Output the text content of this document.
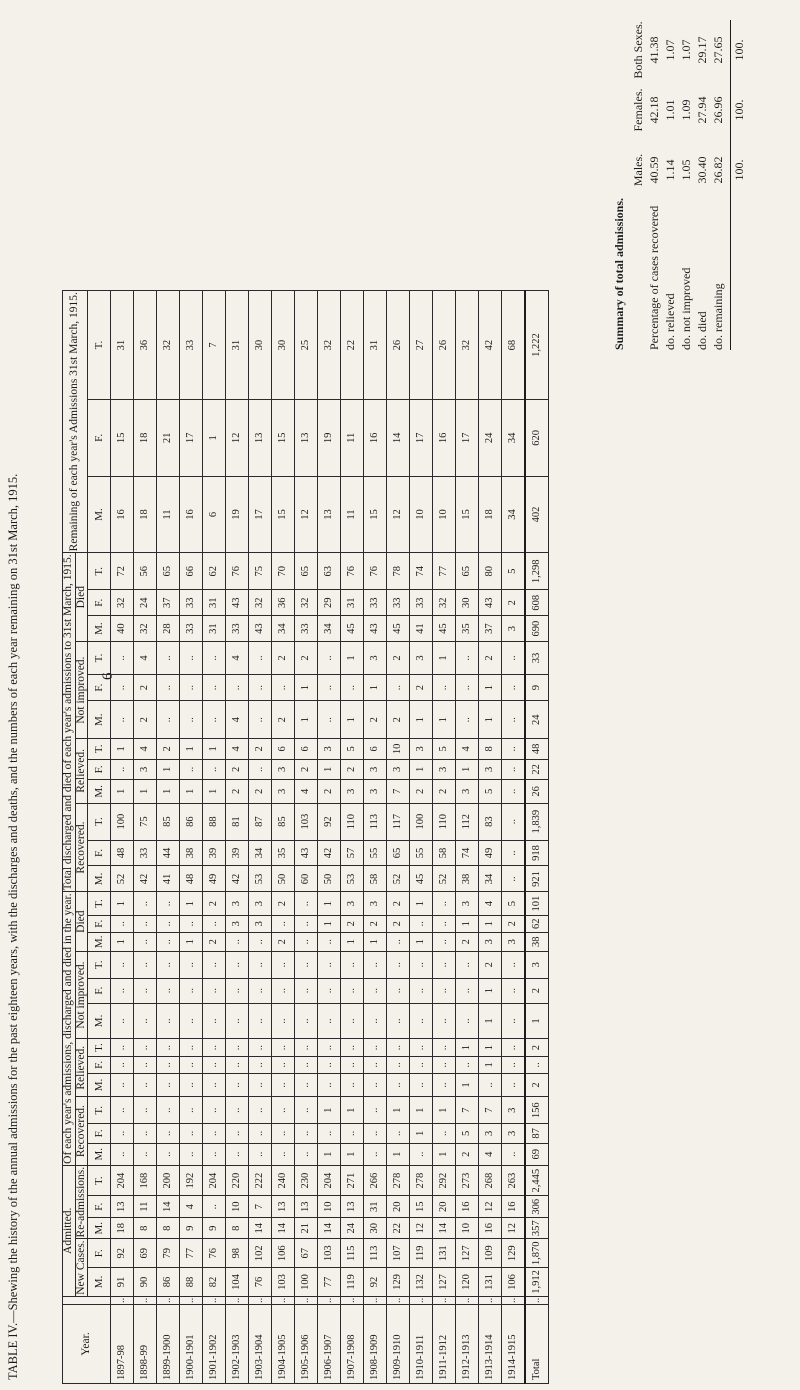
TABLE IV.—Shewing the history of the annual admissions for the past eighteen years, with the discharges and deaths, and the numbers of each year remaining on 31st March, 1915.	6
Year.		Admitted.					Of each year's admissions, discharged and died in the year.												Total discharged and died of each year's admissions to 31st March, 1915.												Remaining of each year's Admissions 31st March, 1915.		
		New Cases.		Re-admissions.			Recovered.			Relieved.			Not improved.			Died			Recovered.			Relieved.			Not improved.			Died					
		M.	F.	M.	F.	T.	M.	F.	T.	M.	F.	T.	M.	F.	T.	M.	F.	T.	M.	F.	T.	M.	F.	T.	M.	F.	T.	M.	F.	T.	M.	F.	T.
1897-98	..	91	92	18	13	204	..	..	..	..	..	..	..	..	..	1	..	1	52	48	100	1	..	1	..	..	..	40	32	72	16	15	31
1898-99	..	90	69	8	11	168	..	..	..	..	..	..	..	..	..	..	..	..	42	33	75	1	3	4	2	2	4	32	24	56	18	18	36
1899-1900	..	86	79	8	14	200	..	..	..	..	..	..	..	..	..	..	..	..	41	44	85	1	1	2	..	..	..	28	37	65	11	21	32
1900-1901	..	88	77	9	4	192	..	..	..	..	..	..	..	..	..	1	..	1	48	38	86	1	..	1	..	..	..	33	33	66	16	17	33
1901-1902	..	82	76	9	..	204	..	..	..	..	..	..	..	..	..	2	..	2	49	39	88	1	..	1	..	..	..	31	31	62	6	1	7
1902-1903	..	104	98	8	10	220	..	..	..	..	..	..	..	..	..	..	3	3	42	39	81	2	2	4	4	..	4	33	43	76	19	12	31
1903-1904	..	76	102	14	7	222	..	..	..	..	..	..	..	..	..	..	3	3	53	34	87	2	..	2	..	..	..	43	32	75	17	13	30
1904-1905	..	103	106	14	13	240	..	..	..	..	..	..	..	..	..	2	..	2	50	35	85	3	3	6	2	..	2	34	36	70	15	15	30
1905-1906	..	100	67	21	13	230	..	..	..	..	..	..	..	..	..	..	..	..	60	43	103	4	2	6	1	1	2	33	32	65	12	13	25
1906-1907	..	77	103	14	10	204	1	..	1	..	..	..	..	..	..	..	1	1	50	42	92	2	1	3	..	..	..	34	29	63	13	19	32
1907-1908	..	119	115	24	13	271	1	..	1	..	..	..	..	..	..	1	2	3	53	57	110	3	2	5	1	..	1	45	31	76	11	11	22
1908-1909	..	92	113	30	31	266	..	..	..	..	..	..	..	..	..	1	2	3	58	55	113	3	3	6	2	1	3	43	33	76	15	16	31
1909-1910	..	129	107	22	20	278	1	..	1	..	..	..	..	..	..	..	2	2	52	65	117	7	3	10	2	..	2	45	33	78	12	14	26
1910-1911	..	132	119	12	15	278	..	1	1	..	..	..	..	..	..	1	..	1	45	55	100	2	1	3	1	2	3	41	33	74	10	17	27
1911-1912	..	127	131	14	20	292	1	..	1	..	..	..	..	..	..	..	..	..	52	58	110	2	3	5	1	..	1	45	32	77	10	16	26
1912-1913	..	120	127	10	16	273	2	5	7	1	..	1	..	..	..	2	1	3	38	74	112	3	1	4	..	..	..	35	30	65	15	17	32
1913-1914	..	131	109	16	12	268	4	3	7	..	1	1	1	1	2	3	1	4	34	49	83	5	3	8	1	1	2	37	43	80	18	24	42
1914-1915	..	106	129	12	16	263	..	3	3	..	..	..	..	..	..	3	2	5	..	..	..	..	..	..	..	..	..	3	2	5	34	34	68
Total	..	1,912	1,870	357	306	2,445	69	87	156	2	..	2	1	2	3	38	62	101	921	918	1,839	26	22	48	24	9	33	690	608	1,298	402	620	1,222	Summary of total admissions.
Males.
Females.
Both Sexes.
Percentage of cases recovered
40.59
42.18
41.38
do. relieved
1.14
1.01
1.07
do. not improved
1.05
1.09
1.07
do. died
30.40
27.94
29.17
do. remaining
26.82
26.96
27.65
100.
100.
100.
